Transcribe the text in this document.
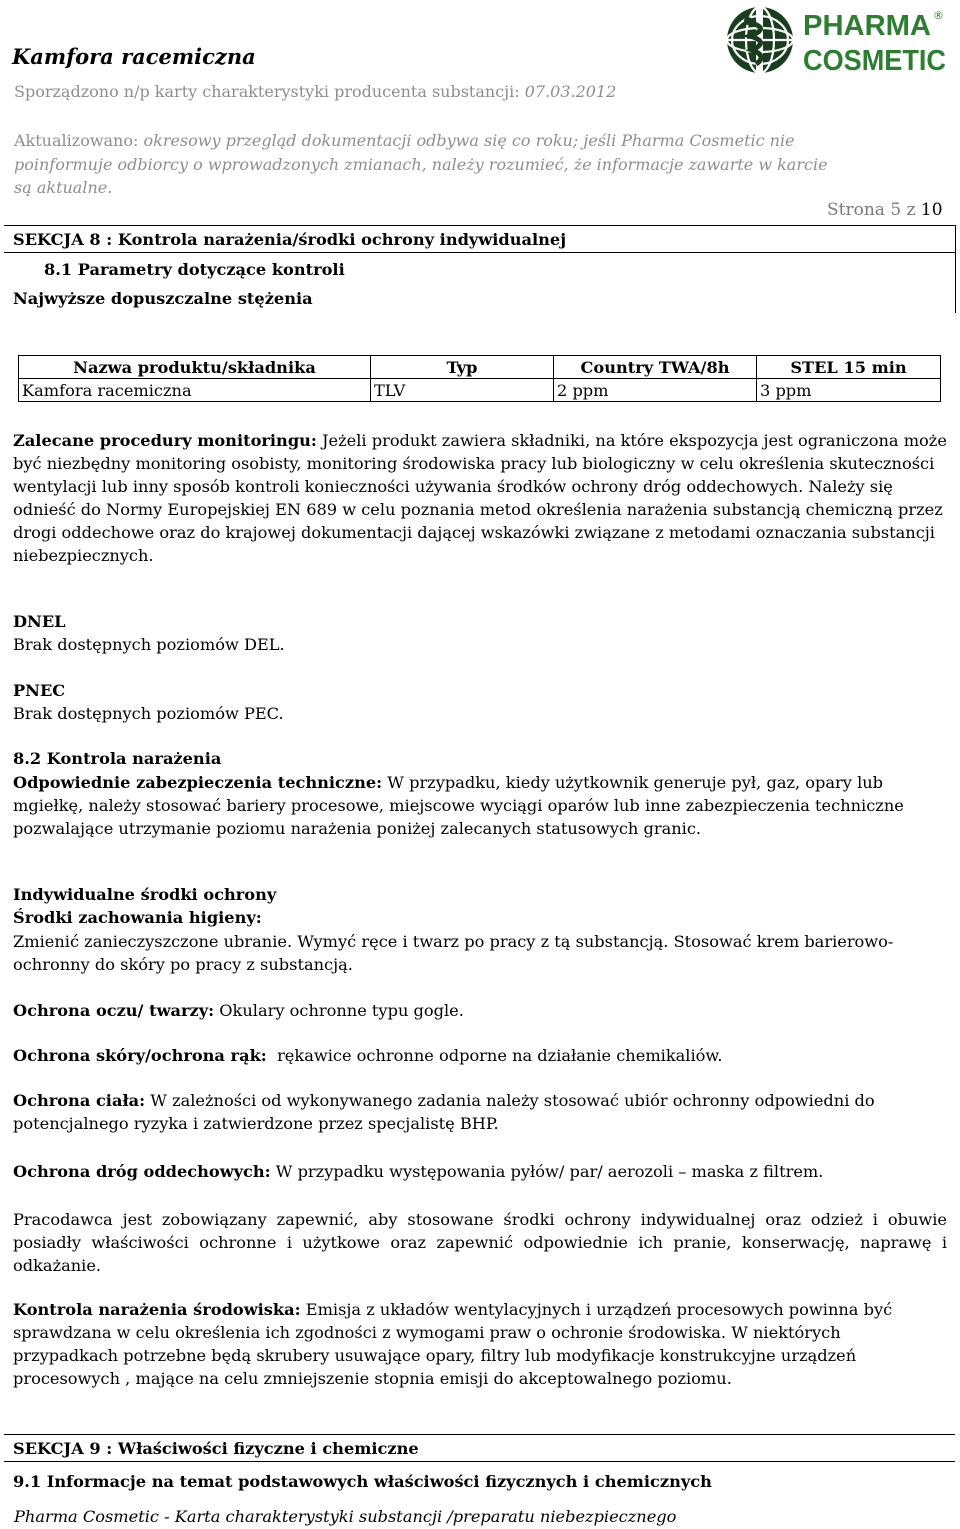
Kamfora racemiczna
PHARMA
COSMETIC
®
Sporządzono n/p karty charakterystyki producenta substancji: 07.03.2012
Aktualizowano: okresowy przegląd dokumentacji odbywa się co roku; jeśli Pharma Cosmetic nie
poinformuje odbiorcy o wprowadzonych zmianach, należy rozumieć, że informacje zawarte w karcie
są aktualne.
Strona 5 z 10
SEKCJA 8 : Kontrola narażenia/środki ochrony indywidualnej
8.1 Parametry dotyczące kontroli
Najwyższe dopuszczalne stężenia
Nazwa produktu/składnika	Typ	Country TWA/8h	STEL 15 min
Kamfora racemiczna	TLV	2 ppm	3 ppm
Zalecane procedury monitoringu: Jeżeli produkt zawiera składniki, na które ekspozycja jest ograniczona może być niezbędny monitoring osobisty, monitoring środowiska pracy lub biologiczny w celu określenia skuteczności wentylacji lub inny sposób kontroli konieczności używania środków ochrony dróg oddechowych. Należy się odnieść do Normy Europejskiej EN 689 w celu poznania metod określenia narażenia substancją chemiczną przez drogi oddechowe oraz do krajowej dokumentacji dającej wskazówki związane z metodami oznaczania substancji niebezpiecznych.
DNEL
Brak dostępnych poziomów DEL.
PNEC
Brak dostępnych poziomów PEC.
8.2 Kontrola narażenia
Odpowiednie zabezpieczenia techniczne: W przypadku, kiedy użytkownik generuje pył, gaz, opary lub mgiełkę, należy stosować bariery procesowe, miejscowe wyciągi oparów lub inne zabezpieczenia techniczne pozwalające utrzymanie poziomu narażenia poniżej zalecanych statusowych granic.
Indywidualne środki ochrony
Środki zachowania higieny:
Zmienić zanieczyszczone ubranie. Wymyć ręce i twarz po pracy z tą substancją. Stosować krem barierowo- ochronny do skóry po pracy z substancją.
Ochrona oczu/ twarzy: Okulary ochronne typu gogle.
Ochrona skóry/ochrona rąk:  rękawice ochronne odporne na działanie chemikaliów.
Ochrona ciała: W zależności od wykonywanego zadania należy stosować ubiór ochronny odpowiedni do potencjalnego ryzyka i zatwierdzone przez specjalistę BHP.
Ochrona dróg oddechowych: W przypadku występowania pyłów/ par/ aerozoli – maska z filtrem.
Pracodawca jest zobowiązany zapewnić, aby stosowane środki ochrony indywidualnej oraz odzież i obuwie posiadły właściwości ochronne i użytkowe oraz zapewnić odpowiednie ich pranie, konserwację, naprawę i odkażanie.
Kontrola narażenia środowiska: Emisja z układów wentylacyjnych i urządzeń procesowych powinna być sprawdzana w celu określenia ich zgodności z wymogami praw o ochronie środowiska. W niektórych przypadkach potrzebne będą skrubery usuwające opary, filtry lub modyfikacje konstrukcyjne urządzeń procesowych , mające na celu zmniejszenie stopnia emisji do akceptowalnego poziomu.
SEKCJA 9 : Właściwości fizyczne i chemiczne
9.1 Informacje na temat podstawowych właściwości fizycznych i chemicznych
Pharma Cosmetic - Karta charakterystyki substancji /preparatu niebezpiecznego
